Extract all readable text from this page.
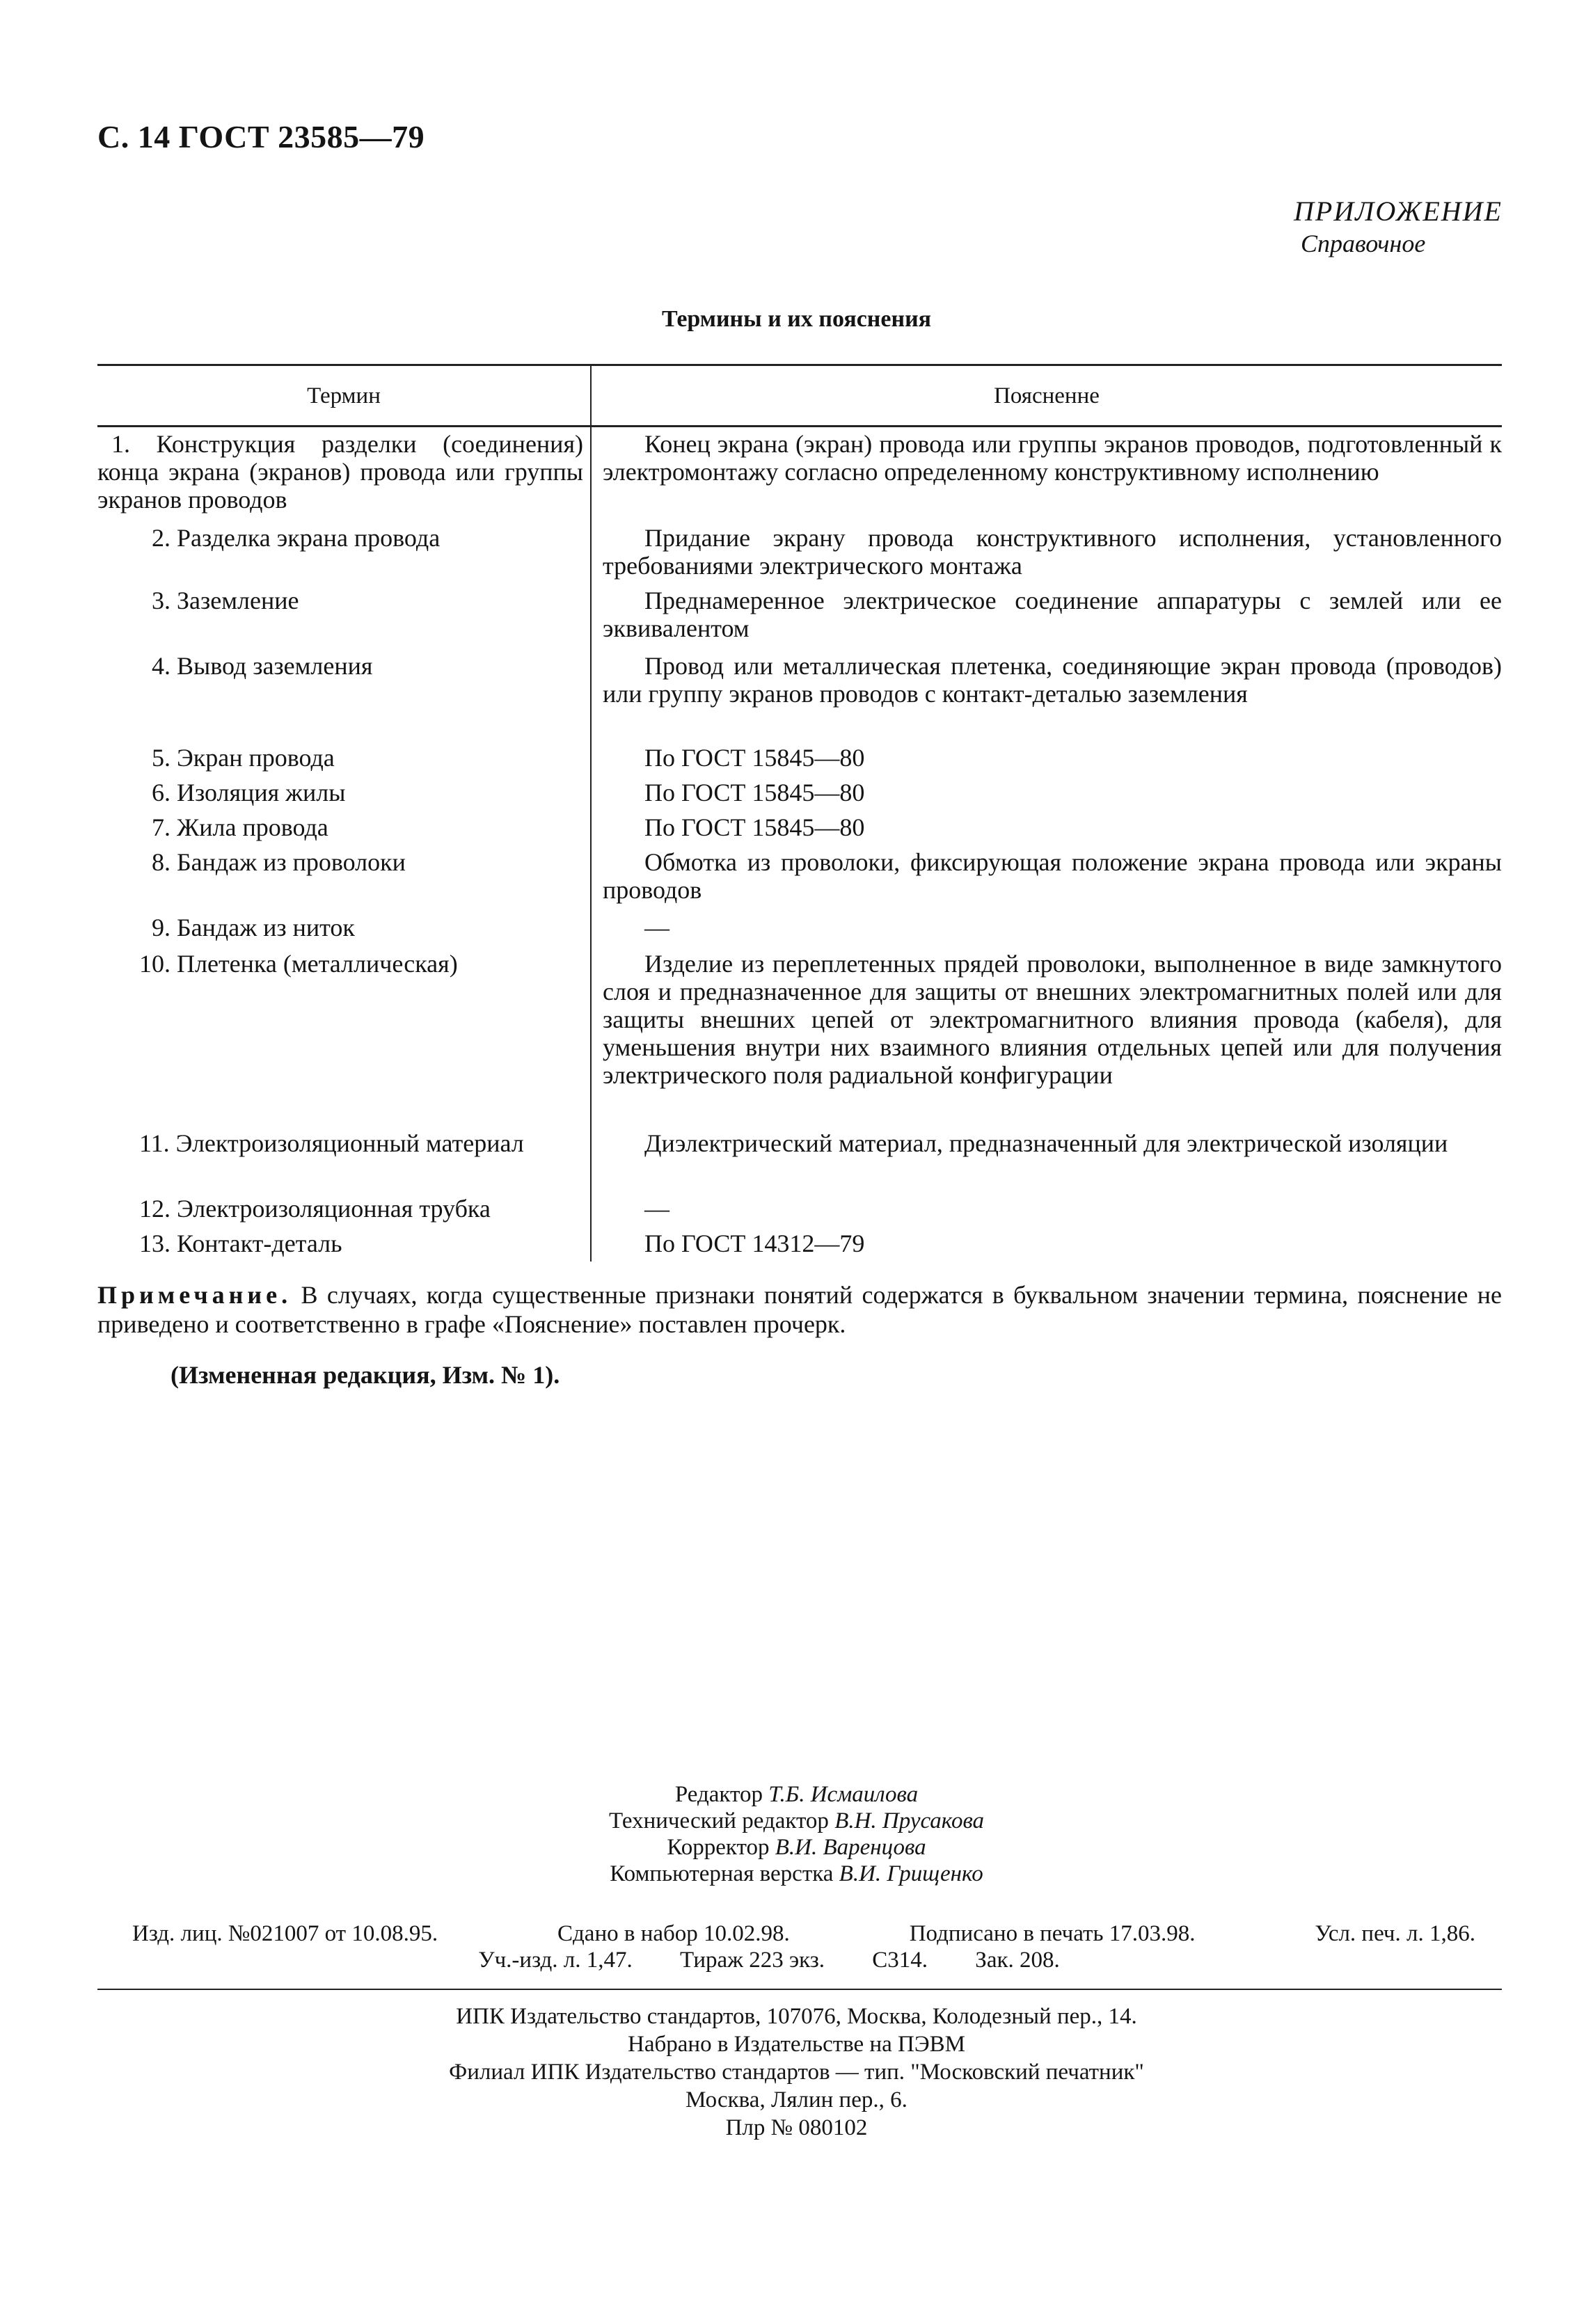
С. 14 ГОСТ 23585—79
ПРИЛОЖЕНИЕ
Справочное
Термины и их пояснения
Термин	Поясненне
1. Конструкция разделки (соединения) конца экрана (экранов) провода или группы экранов проводов	Конец экрана (экран) провода или группы экранов проводов, подготовленный к электромонтажу согласно определенному конструктивному исполнению
2. Разделка экрана провода	Придание экрану провода конструктивного исполнения, установленного требованиями электрического монтажа
3. Заземление	Преднамеренное электрическое соединение аппаратуры с землей или ее эквивалентом
4. Вывод заземления	Провод или металлическая плетенка, соединяющие экран провода (проводов) или группу экранов проводов с контакт-деталью заземления
5. Экран провода	По ГОСТ 15845—80
6. Изоляция жилы	По ГОСТ 15845—80
7. Жила провода	По ГОСТ 15845—80
8. Бандаж из проволоки	Обмотка из проволоки, фиксирующая положение экрана провода или экраны проводов
9. Бандаж из ниток	—
10. Плетенка (металлическая)	Изделие из переплетенных прядей проволоки, выполненное в виде замкнутого слоя и предназначенное для защиты от внешних электромагнитных полей или для защиты внешних цепей от электромагнитного влияния провода (кабеля), для уменьшения внутри них взаимного влияния отдельных цепей или для получения электрического поля радиальной конфигурации
11. Электроизоляционный материал	Диэлектрический материал, предназначенный для электрической изоляции
12. Электроизоляционная трубка	—
13. Контакт-деталь	По ГОСТ 14312—79
Примечание. В случаях, когда существенные признаки понятий содержатся в буквальном значении термина, пояснение не приведено и соответственно в графе «Пояснение» поставлен прочерк.
(Измененная редакция, Изм. № 1).
Редактор Т.Б. Исмаилова
Технический редактор В.Н. Прусакова
Корректор В.И. Варенцова
Компьютерная верстка В.И. Грищенко
Изд. лиц. №021007 от 10.08.95.	Сдано в набор 10.02.98.	Подписано в печать 17.03.98.	Усл. печ. л. 1,86.
Уч.-изд. л. 1,47. Тираж 223 экз. С314. Зак. 208.
ИПК Издательство стандартов, 107076, Москва, Колодезный пер., 14.
Набрано в Издательстве на ПЭВМ
Филиал ИПК Издательство стандартов — тип. "Московский печатник"
Москва, Лялин пер., 6.
Плр № 080102
